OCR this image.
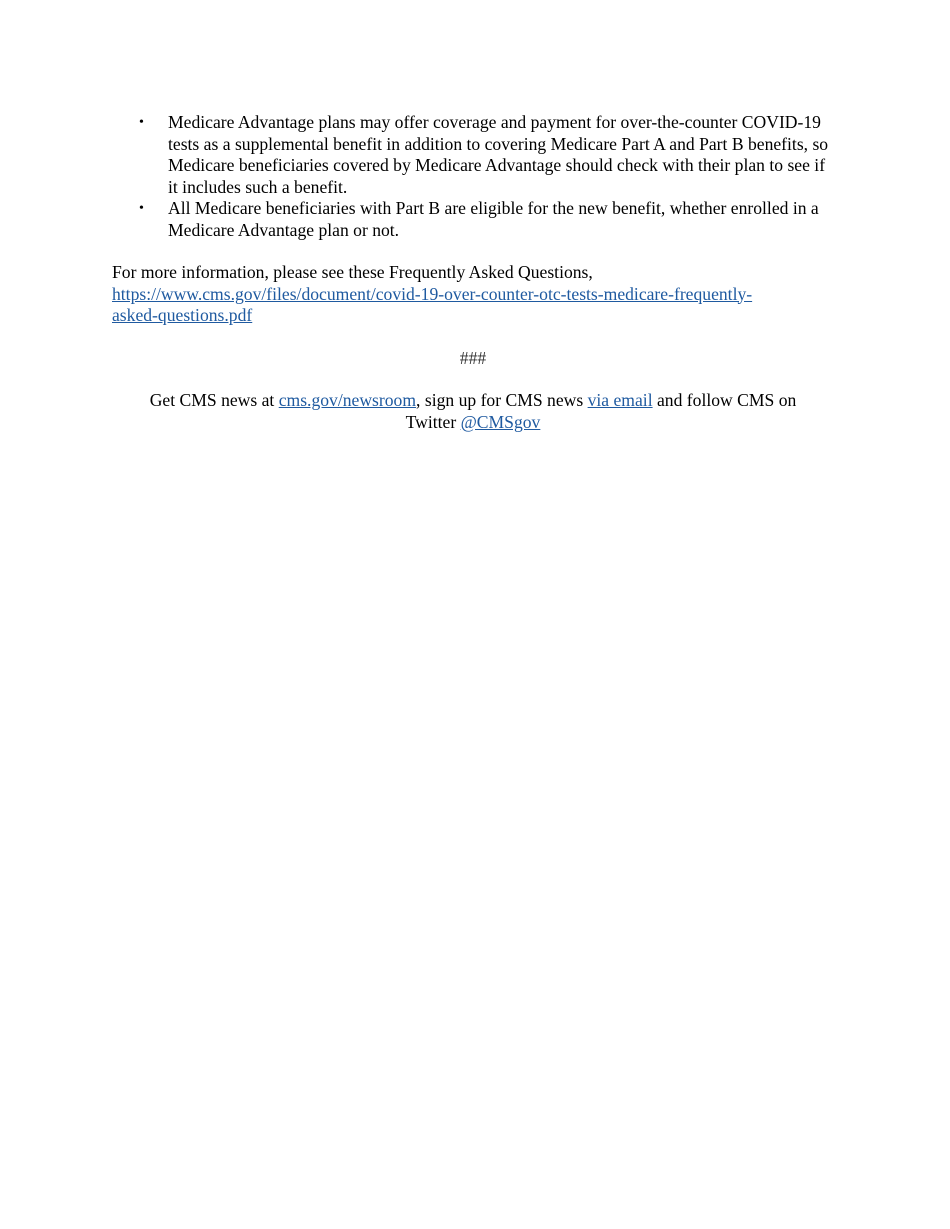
• Medicare Advantage plans may offer coverage and payment for over-the-counter COVID-19 tests as a supplemental benefit in addition to covering Medicare Part A and Part B benefits, so Medicare beneficiaries covered by Medicare Advantage should check with their plan to see if it includes such a benefit.
• All Medicare beneficiaries with Part B are eligible for the new benefit, whether enrolled in a Medicare Advantage plan or not.
For more information, please see these Frequently Asked Questions,
https://www.cms.gov/files/document/covid-19-over-counter-otc-tests-medicare-frequently-
asked-questions.pdf
###
Get CMS news at cms.gov/newsroom, sign up for CMS news via email and follow CMS on
Twitter @CMSgov
